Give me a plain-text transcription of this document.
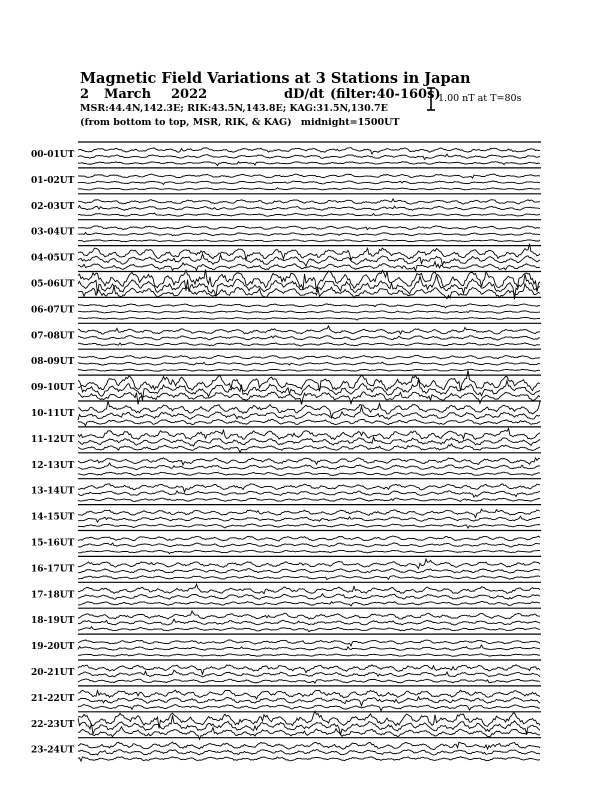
Magnetic Field Variations at 3 Stations in Japan
2 March 2022	dD/dt (filter:40-160s)
MSR:44.4N,142.3E; RIK:43.5N,143.8E; KAG:31.5N,130.7E
(from bottom to top, MSR, RIK, & KAG) midnight=1500UT
1.00 nT at T=80s
00-01UT
01-02UT
02-03UT
03-04UT
04-05UT
05-06UT
06-07UT
07-08UT
08-09UT
09-10UT
10-11UT
11-12UT
12-13UT
13-14UT
14-15UT
15-16UT
16-17UT
17-18UT
18-19UT
19-20UT
20-21UT
21-22UT
22-23UT
23-24UT
